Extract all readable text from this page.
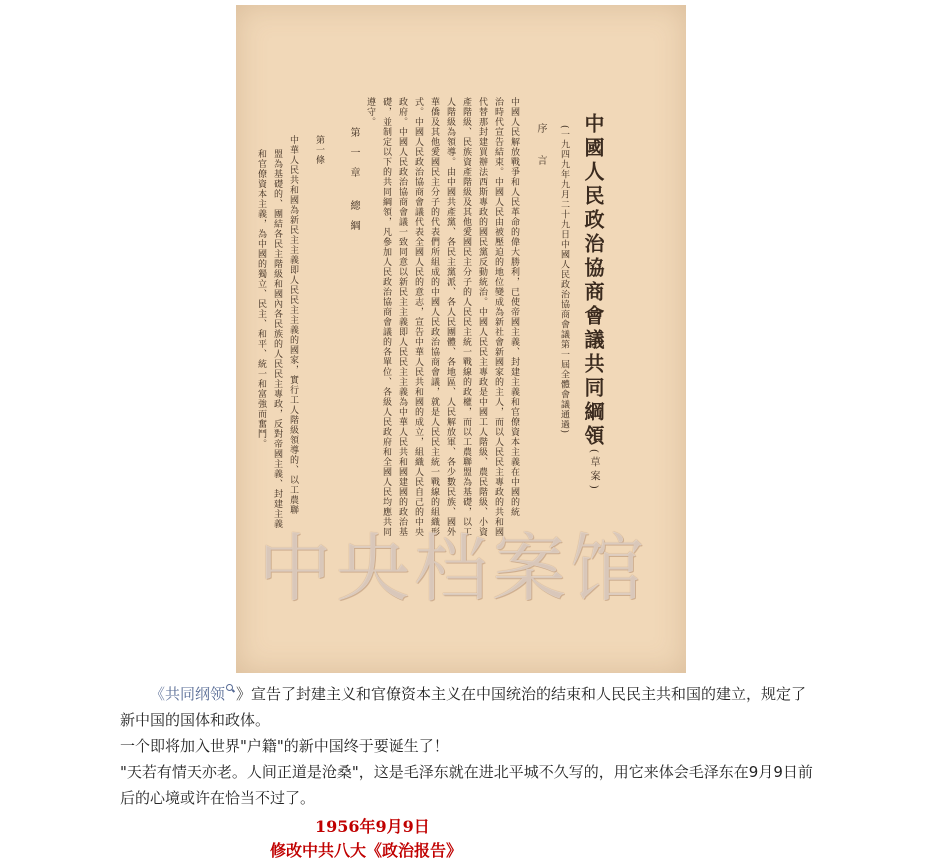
中國人民政治協商會議共同綱領(草案)
(一九四九年九月二十九日中國人民政治協商會議第一屆全體會議通過)
序言
中國人民解放戰爭和人民革命的偉大勝利，已使帝國主義、封建主義和官僚資本主義在中國的統
治時代宣告結束。中國人民由被壓迫的地位變成為新社會新國家的主人，而以人民民主專政的共和國
代替那封建買辦法西斯專政的國民黨反動統治。中國人民民主專政是中國工人階級、農民階級、小資
產階級、民族資產階級及其他愛國民主分子的人民民主統一戰線的政權，而以工農聯盟為基礎，以工
人階級為領導。由中國共產黨、各民主黨派、各人民團體、各地區、人民解放軍、各少數民族、國外
華僑及其他愛國民主分子的代表們所組成的中國人民政治協商會議，就是人民民主統一戰線的組織形
式。中國人民政治協商會議代表全國人民的意志，宣告中華人民共和國的成立，組織人民自己的中央
政府。中國人民政治協商會議一致同意以新民主主義即人民民主主義為中華人民共和國建國的政治基
礎，並制定以下的共同綱領，凡參加人民政治協商會議的各單位、各級人民政府和全國人民均應共同
遵守。
第一章 總綱
第一條
中華人民共和國為新民主主義即人民民主主義的國家，實行工人階級領導的、以工農聯
盟為基礎的、團結各民主階級和國內各民族的人民民主專政，反對帝國主義、封建主義
和官僚資本主義，為中國的獨立、民主、和平、統一和富強而奮鬥。
中央档案馆

《共同纲领 》宣告了封建主义和官僚资本主义在中国统治的结束和人民民主共和国的建立，规定了新中国的国体和政体。

一个即将加入世界"户籍"的新中国终于要诞生了！

"天若有情天亦老。人间正道是沧桑"，这是毛泽东就在进北平城不久写的，用它来体会毛泽东在9月9日前后的心境或许在恰当不过了。

1956年9月9日
修改中共八大《政治报告》
